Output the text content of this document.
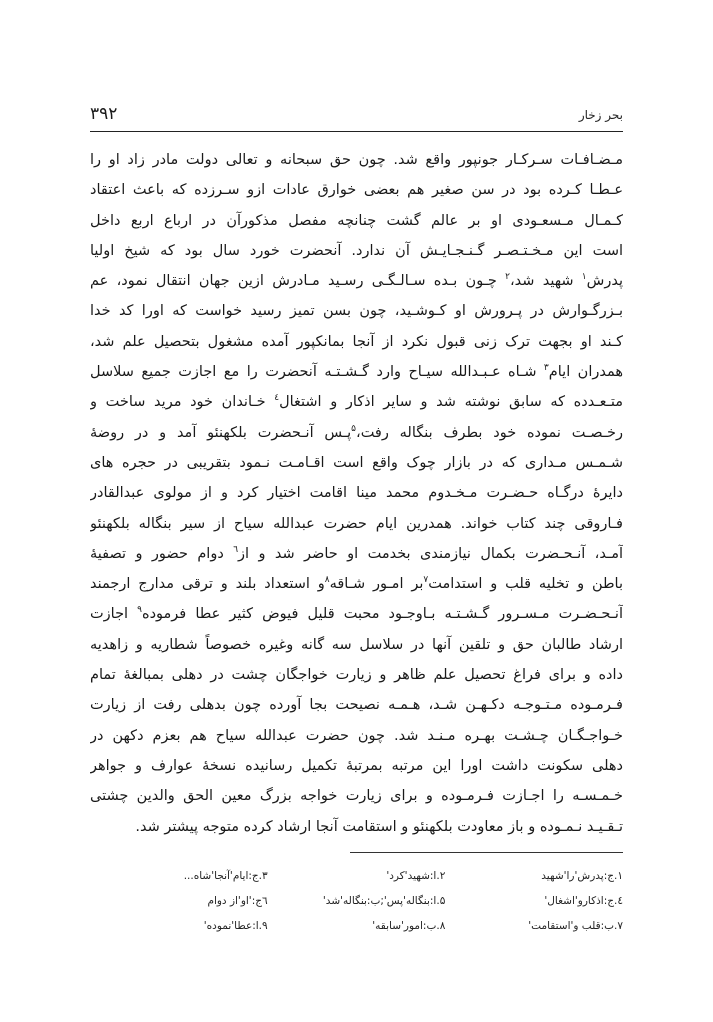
۳۹۲	بحر زخار
مـضـافـات سـرکـار جونپور واقع شد. چون حق سبحانه و تعالی دولت مادر زاد او را
عـطـا کـرده بود در سن صغیر هم بعضی خوارق عادات ازو سـرزده که باعث اعتقاد
کـمـال مـسعـودی او بر عالم گشت چنانچه مفصل مذکورآن در ارباع اربع داخل
است این مـخـتـصـر گـنـجـایـش آن ندارد. آنحضرت خورد سال بود که شیخ اولیا
پدرش$^۱$ شهید شد،$^۲$ چـون بـده سـالـگـی رسـید مـادرش ازین جهان انتقال نمود، عم
بـزرگـوارش در پـرورش او کـوشـید، چون بسن تمیز رسید خواست که اورا کد خدا
کـند او بجهت ترک زنی قبول نکرد از آنجا بمانکپور آمده مشغول بتحصیل علم شد،
همدران ایام$^۳$ شـاه عـبـدالله سیـاح وارد گـشـتـه آنحضرت را مع اجازت جمیع سلاسل
متـعـدده که سابق نوشته شد و سایر اذکار و اشتغال$^٤$ خـاندان خود مرید ساخت و
رخـصـت نموده خود بطرف بنگاله رفت،$^۵$پـس آنـحضرت بلکهنئو آمد و در روضۀ
شـمـس مـداری که در بازار چوک واقع است اقـامـت نـمود بتقریبی در حجره های
دایرۀ درگـاه حـضـرت مـخـدوم محمد مینا اقامت اختیار کرد و از مولوی عبدالقادر
فـاروقی چند کتاب خواند. همدرین ایام حضرت عبدالله سیاح از سیر بنگاله بلکهنئو
آمـد، آنـحـضرت بکمال نیازمندی بخدمت او حاضر شد و از$^٦$ دوام حضور و تصفیۀ
باطن و تخلیه قلب و استدامت$^۷$بر امـور شـاقه$^۸$و استعداد بلند و ترقی مدارج ارجمند
آنـحـضـرت مـسـرور گـشـتـه بـاوجـود محبت قلیل فیوض کثیر عطا فرموده$^۹$ اجازت
ارشاد طالبان حق و تلقین آنها در سلاسل سه گانه وغیره خصوصاً شطاریه و زاهدیه
داده و برای فراغ تحصیل علم ظاهر و زیارت خواجگان چشت در دهلی بمبالغۀ تمام
فـرمـوده مـتـوجـه دکـهـن شـد، هـمـه نصیحت بجا آورده چون بدهلی رفت از زیارت
خـواجـگـان چـشـت بهـره مـنـد شد. چون حضرت عبدالله سیاح هم بعزم دکهن در
دهلی سکونت داشت اورا این مرتبه بمرتبۀ تکمیل رسانیده نسخۀ عوارف و جواهر
خـمـسـه را اجـازت فـرمـوده و برای زیارت خواجه بزرگ معین الحق والدین چشتی
تـقـیـد نـمـوده و باز معاودت بلکهنئو و استقامت آنجا ارشاد کرده متوجه پیشتر شد.
۱.ج:پدرش'را'شهید
۲.ا:شهید'کرد'
۳.ج:ایام'آنجا'شاه...
٤.ج:اذکارو'اشغال'
۵.ا:بنگاله'پس';ب:بنگاله'شد'
٦ج:'او'از دوام
۷.ب:قلب و'استقامت'
۸.ب:امور'سابقه'
۹.ا:عطا'نموده'
